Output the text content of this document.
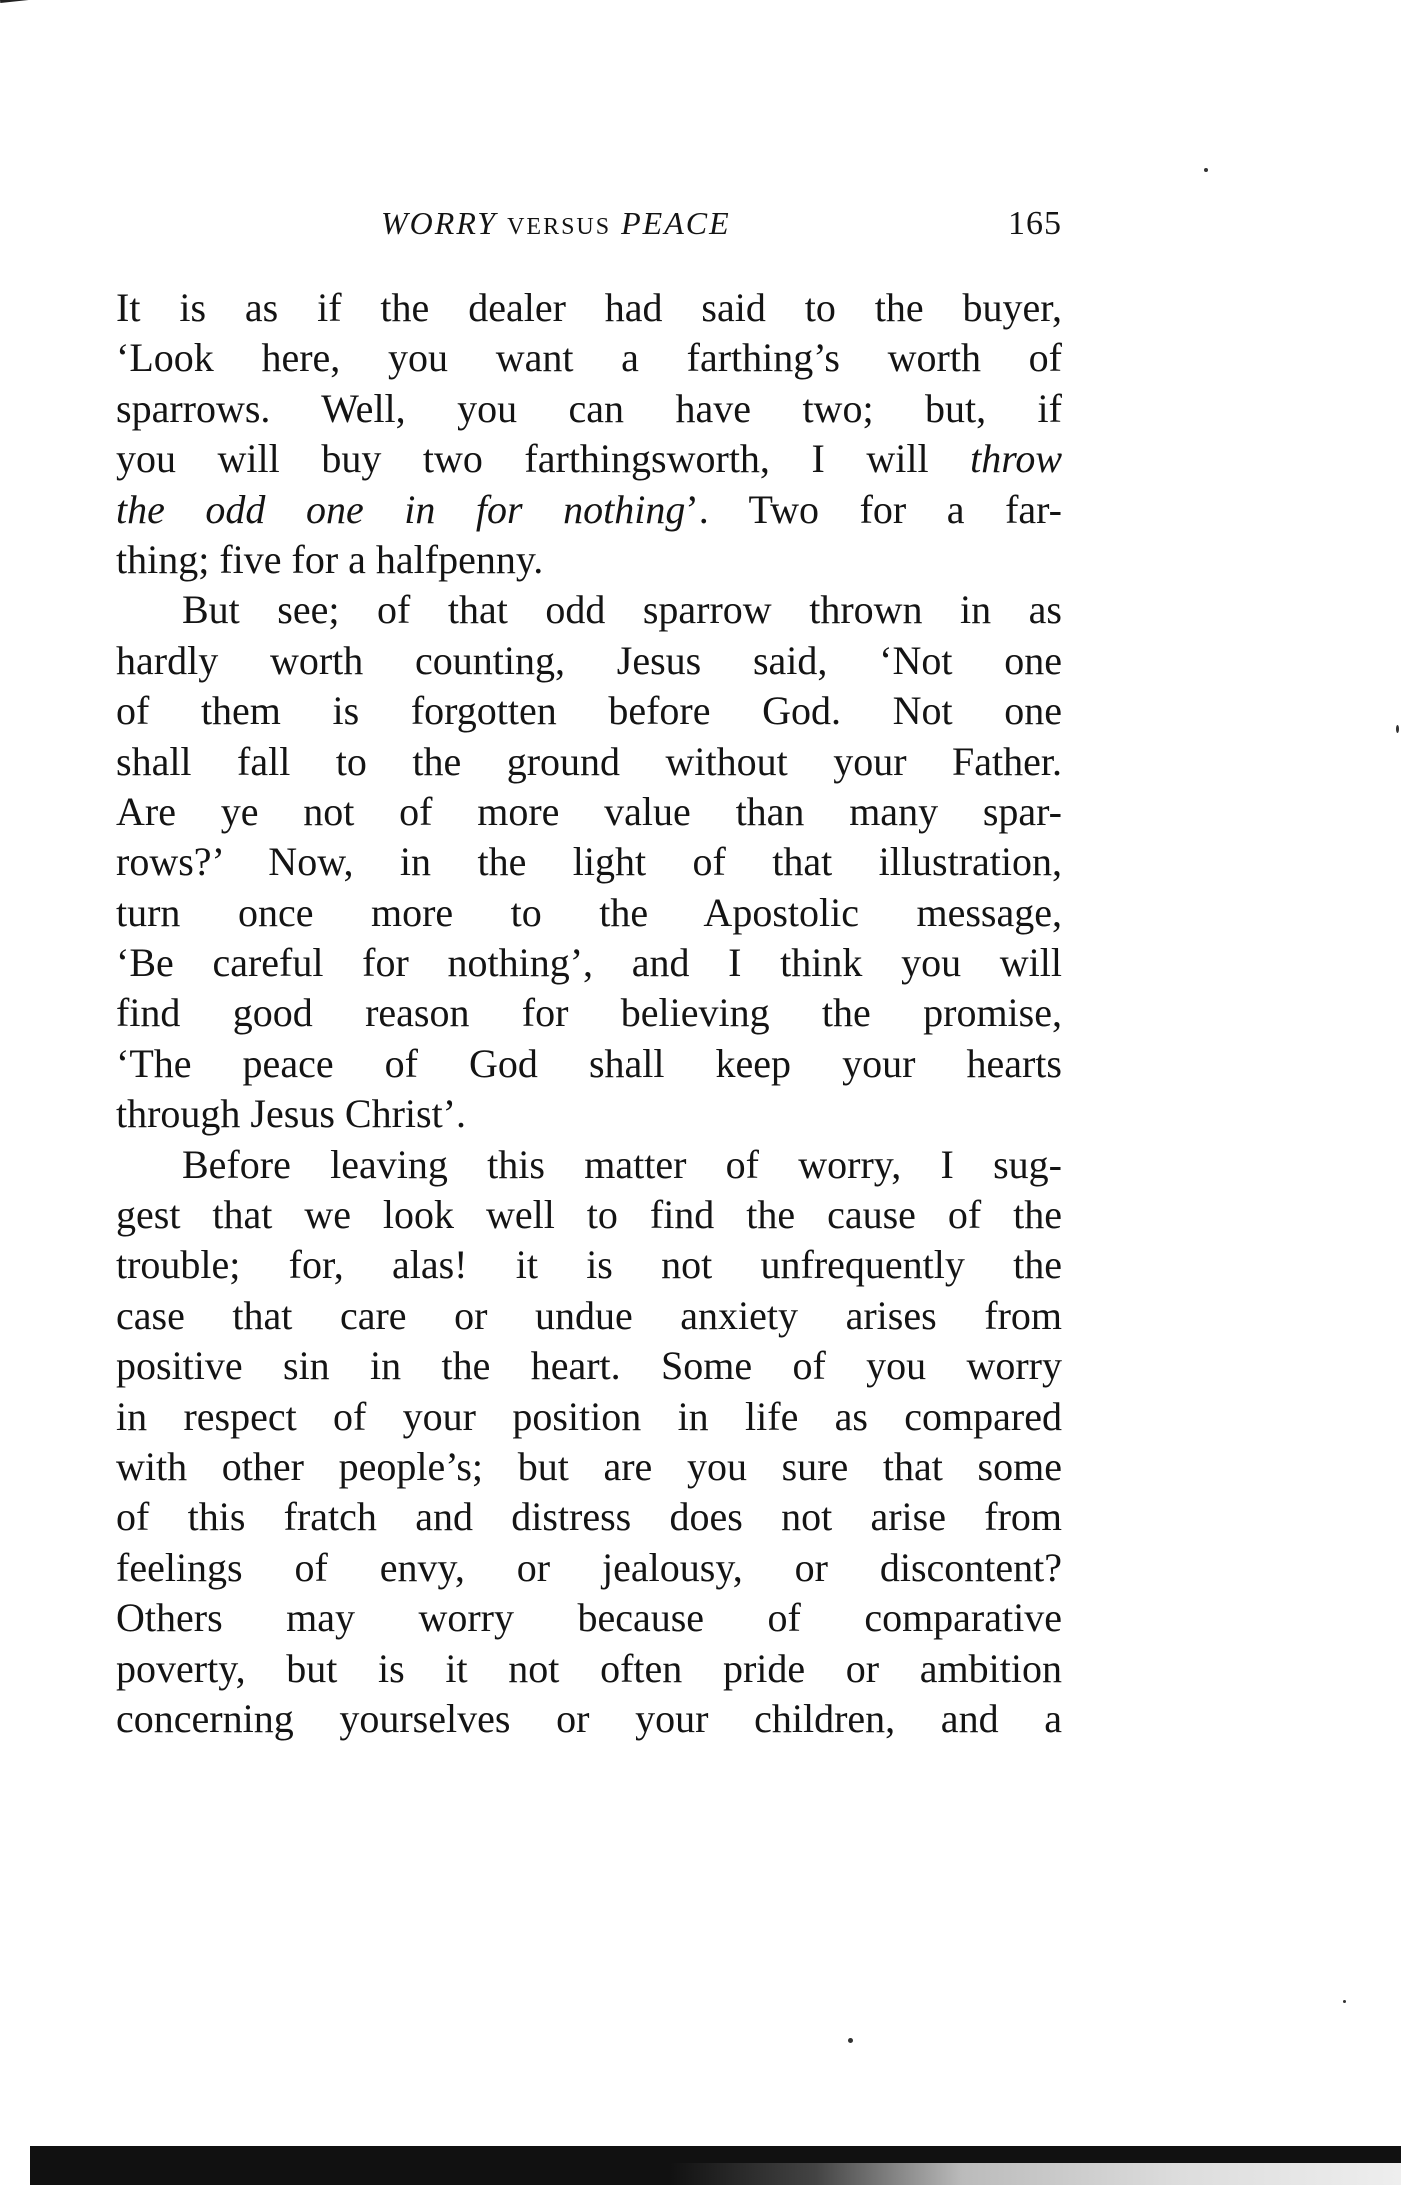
WORRY VERSUS PEACE	165
It is as if the dealer had said to the buyer,
‘Look here, you want a farthing’s worth of
sparrows. Well, you can have two; but, if
you will buy two farthingsworth, I will throw
the odd one in for nothing’. Two for a far-
thing; five for a halfpenny.
But see; of that odd sparrow thrown in as
hardly worth counting, Jesus said, ‘Not one
of them is forgotten before God. Not one
shall fall to the ground without your Father.
Are ye not of more value than many spar-
rows?’ Now, in the light of that illustration,
turn once more to the Apostolic message,
‘Be careful for nothing’, and I think you will
find good reason for believing the promise,
‘The peace of God shall keep your hearts
through Jesus Christ’.
Before leaving this matter of worry, I sug-
gest that we look well to find the cause of the
trouble; for, alas! it is not unfrequently the
case that care or undue anxiety arises from
positive sin in the heart. Some of you worry
in respect of your position in life as compared
with other people’s; but are you sure that some
of this fratch and distress does not arise from
feelings of envy, or jealousy, or discontent?
Others may worry because of comparative
poverty, but is it not often pride or ambition
concerning yourselves or your children, and a
